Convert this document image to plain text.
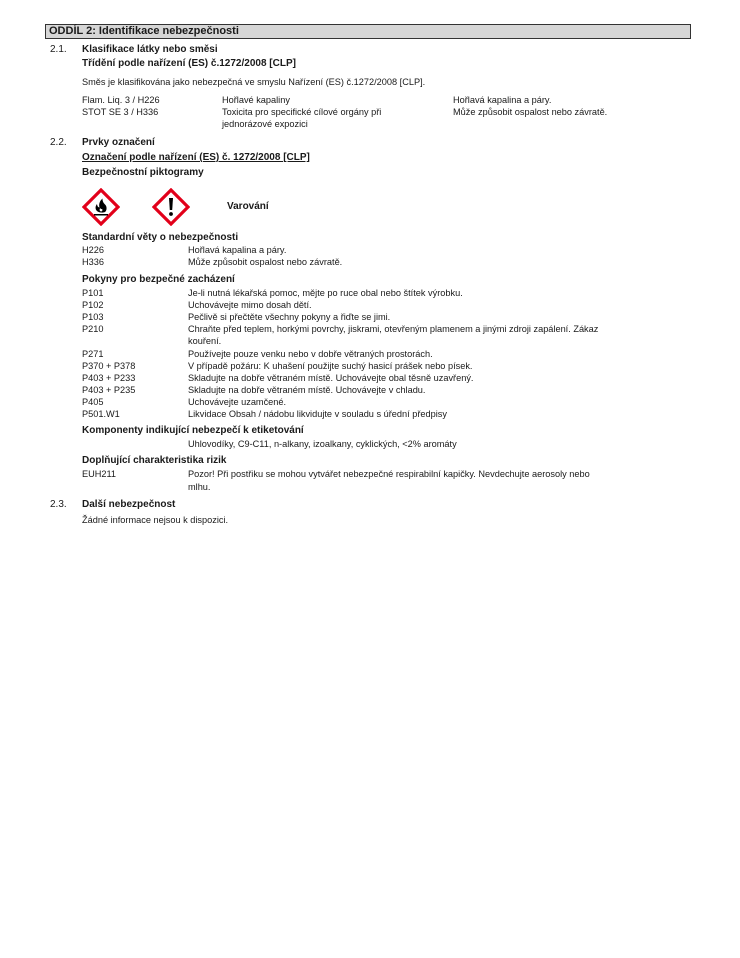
ODDÍL 2: Identifikace nebezpečnosti
2.1. Klasifikace látky nebo směsi
Třídění podle nařízení (ES) č.1272/2008 [CLP]
Směs je klasifikována jako nebezpečná ve smyslu Nařízení (ES) č.1272/2008 [CLP].
Flam. Liq. 3 / H226	Hořlavé kapaliny	Hořlavá kapalina a páry.
STOT SE 3 / H336	Toxicita pro specifické cílové orgány při
jednorázové expozici
Může způsobit ospalost nebo závratě.
2.2. Prvky označení
Označení podle nařízení (ES) č. 1272/2008 [CLP]
Bezpečnostní piktogramy
Varování
Standardní věty o nebezpečnosti
H226	Hořlavá kapalina a páry.
H336	Může způsobit ospalost nebo závratě.
Pokyny pro bezpečné zacházení
P101	Je-li nutná lékařská pomoc, mějte po ruce obal nebo štítek výrobku.
P102	Uchovávejte mimo dosah dětí.
P103	Pečlivě si přečtěte všechny pokyny a řiďte se jimi.
P210	Chraňte před teplem, horkými povrchy, jiskrami, otevřeným plamenem a jinými zdroji zapálení. Zákaz
kouření.
P271	Používejte pouze venku nebo v dobře větraných prostorách.
P370 + P378	V případě požáru: K uhašení použijte suchý hasicí prášek nebo písek.
P403 + P233	Skladujte na dobře větraném místě. Uchovávejte obal těsně uzavřený.
P403 + P235	Skladujte na dobře větraném místě. Uchovávejte v chladu.
P405	Uchovávejte uzamčené.
P501.W1	Likvidace Obsah / nádobu likvidujte v souladu s úřední předpisy
Komponenty indikující nebezpečí k etiketování
Uhlovodíky, C9-C11, n-alkany, izoalkany, cyklických, <2% aromáty
Doplňující charakteristika rizik
EUH211	Pozor! Při postřiku se mohou vytvářet nebezpečné respirabilní kapičky. Nevdechujte aerosoly nebo
mlhu.
2.3. Další nebezpečnost
Žádné informace nejsou k dispozici.
